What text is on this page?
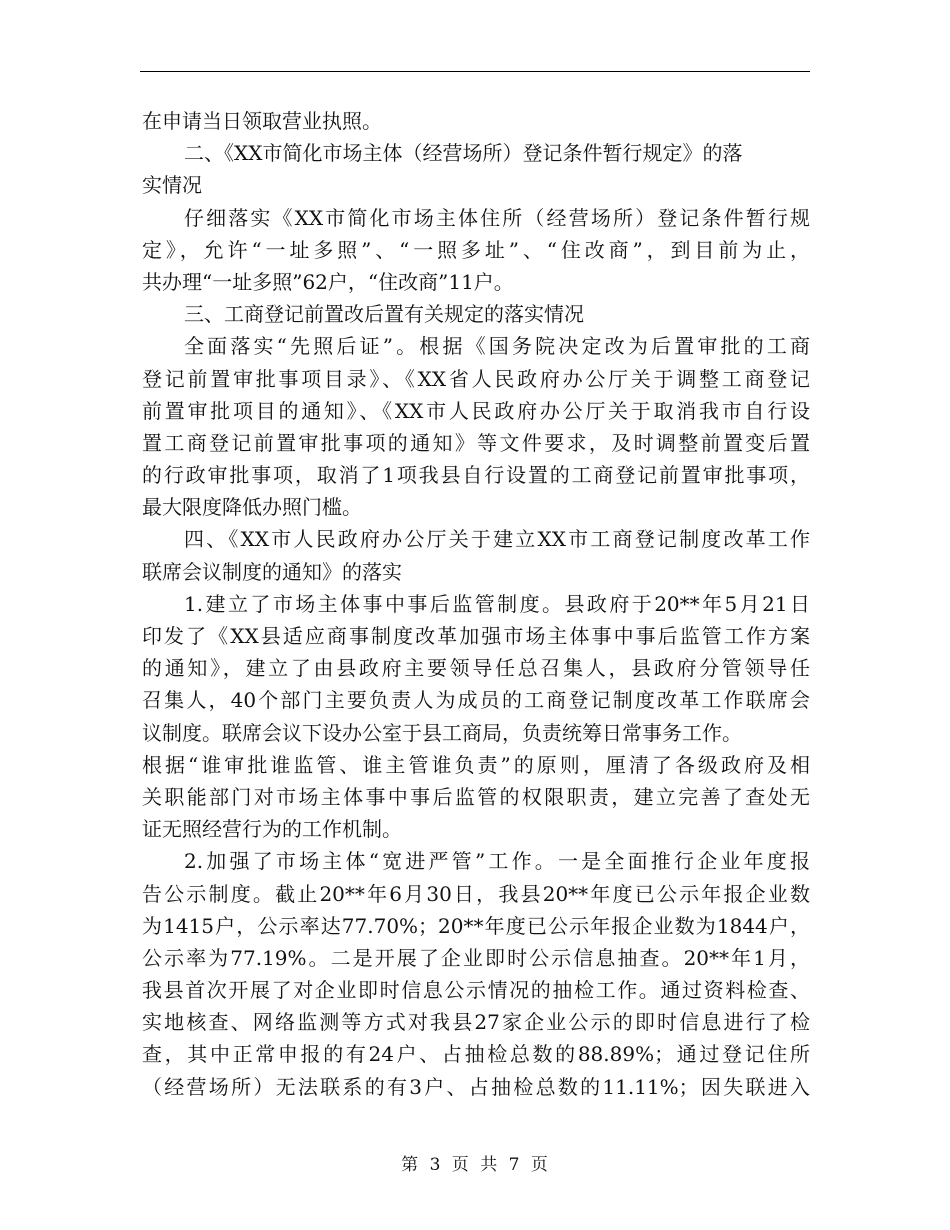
在申请当日领取营业执照。
二、《XX市简化市场主体（经营场所）登记条件暂行规定》的落
实情况
仔细落实《XX市简化市场主体住所（经营场所）登记条件暂行规
定》，允许“一址多照”、“一照多址”、“住改商”，到目前为止，
共办理“一址多照”62户，“住改商”11户。
三、工商登记前置改后置有关规定的落实情况
全面落实“先照后证”。根据《国务院决定改为后置审批的工商
登记前置审批事项目录》、《XX省人民政府办公厅关于调整工商登记
前置审批项目的通知》、《XX市人民政府办公厅关于取消我市自行设
置工商登记前置审批事项的通知》等文件要求，及时调整前置变后置
的行政审批事项，取消了1项我县自行设置的工商登记前置审批事项，
最大限度降低办照门槛。
四、《XX市人民政府办公厅关于建立XX市工商登记制度改革工作
联席会议制度的通知》的落实
1.建立了市场主体事中事后监管制度。县政府于20**年5月21日
印发了《XX县适应商事制度改革加强市场主体事中事后监管工作方案
的通知》，建立了由县政府主要领导任总召集人，县政府分管领导任
召集人，40个部门主要负责人为成员的工商登记制度改革工作联席会
议制度。联席会议下设办公室于县工商局，负责统筹日常事务工作。
根据“谁审批谁监管、谁主管谁负责”的原则，厘清了各级政府及相
关职能部门对市场主体事中事后监管的权限职责，建立完善了查处无
证无照经营行为的工作机制。
2.加强了市场主体“宽进严管”工作。一是全面推行企业年度报
告公示制度。截止20**年6月30日，我县20**年度已公示年报企业数
为1415户，公示率达77.70%；20**年度已公示年报企业数为1844户，
公示率为77.19%。二是开展了企业即时公示信息抽查。20**年1月，
我县首次开展了对企业即时信息公示情况的抽检工作。通过资料检查、
实地核查、网络监测等方式对我县27家企业公示的即时信息进行了检
查，其中正常申报的有24户、占抽检总数的88.89%；通过登记住所
（经营场所）无法联系的有3户、占抽检总数的11.11%；因失联进入
第 3 页 共 7 页
